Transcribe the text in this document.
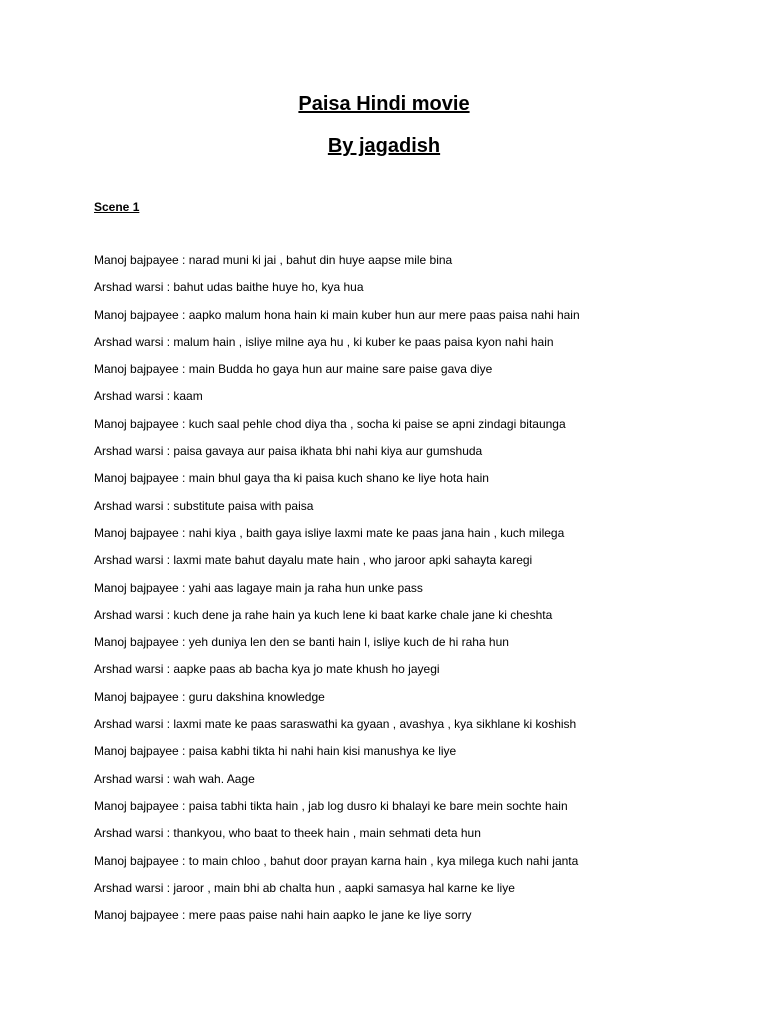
Paisa Hindi movie
By jagadish

Scene 1

Manoj bajpayee : narad muni ki jai , bahut din huye aapse mile bina
Arshad warsi : bahut udas baithe huye ho, kya hua
Manoj bajpayee : aapko malum hona hain ki main kuber hun aur mere paas paisa nahi hain
Arshad warsi : malum hain , isliye milne aya hu , ki kuber ke paas paisa kyon nahi hain
Manoj bajpayee : main Budda ho gaya hun aur maine sare paise gava diye
Arshad warsi : kaam
Manoj bajpayee : kuch saal pehle chod diya tha , socha ki paise se apni zindagi bitaunga
Arshad warsi : paisa gavaya aur paisa ikhata bhi nahi kiya aur gumshuda
Manoj bajpayee : main bhul gaya tha ki paisa kuch shano ke liye hota hain
Arshad warsi : substitute paisa with paisa
Manoj bajpayee : nahi kiya , baith gaya isliye laxmi mate ke paas jana hain , kuch milega
Arshad warsi : laxmi mate bahut dayalu mate hain , who jaroor apki sahayta karegi
Manoj bajpayee : yahi aas lagaye main ja raha hun unke pass
Arshad warsi : kuch dene ja rahe hain ya kuch lene ki baat karke chale jane ki cheshta
Manoj bajpayee : yeh duniya len den se banti hain l, isliye kuch de hi raha hun
Arshad warsi : aapke paas ab bacha kya jo mate khush ho jayegi
Manoj bajpayee : guru dakshina knowledge
Arshad warsi : laxmi mate ke paas saraswathi ka gyaan , avashya , kya sikhlane ki koshish
Manoj bajpayee : paisa kabhi tikta hi nahi hain kisi manushya ke liye
Arshad warsi : wah wah. Aage
Manoj bajpayee : paisa tabhi tikta hain , jab log dusro ki bhalayi ke bare mein sochte hain
Arshad warsi : thankyou, who baat to theek hain , main sehmati deta hun
Manoj bajpayee : to main chloo , bahut door prayan karna hain , kya milega kuch nahi janta
Arshad warsi : jaroor , main bhi ab chalta hun , aapki samasya hal karne ke liye
Manoj bajpayee : mere paas paise nahi hain aapko le jane ke liye sorry
